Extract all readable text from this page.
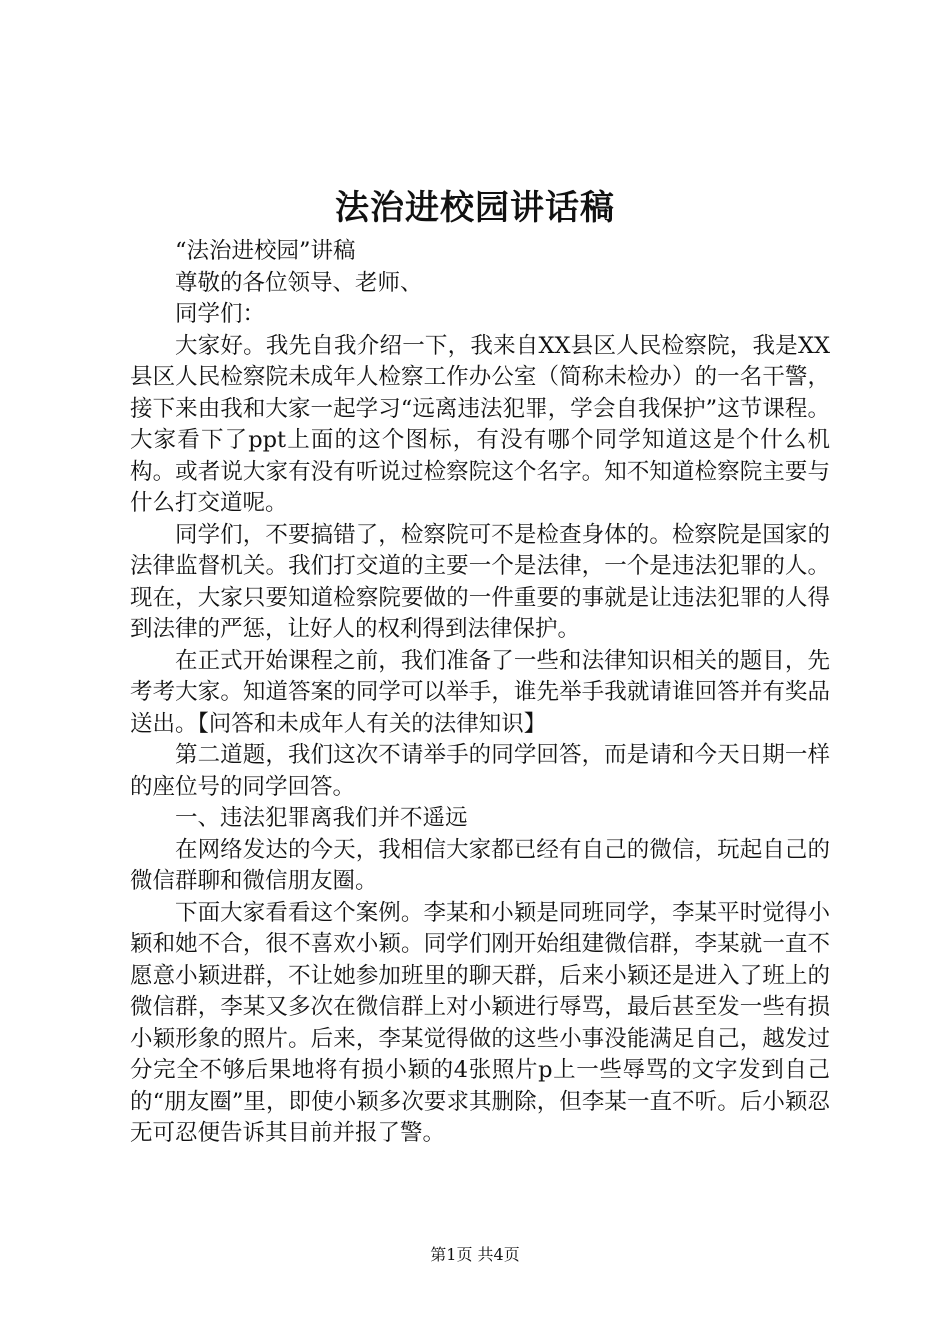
法治进校园讲话稿

“法治进校园”讲稿

尊敬的各位领导、老师、

同学们：

大家好。我先自我介绍一下，我来自XX县区人民检察院，我是XX县区人民检察院未成年人检察工作办公室（简称未检办）的一名干警，接下来由我和大家一起学习“远离违法犯罪，学会自我保护”这节课程。大家看下了ppt上面的这个图标，有没有哪个同学知道这是个什么机构。或者说大家有没有听说过检察院这个名字。知不知道检察院主要与什么打交道呢。

同学们，不要搞错了，检察院可不是检查身体的。检察院是国家的法律监督机关。我们打交道的主要一个是法律，一个是违法犯罪的人。现在，大家只要知道检察院要做的一件重要的事就是让违法犯罪的人得到法律的严惩，让好人的权利得到法律保护。

在正式开始课程之前，我们准备了一些和法律知识相关的题目，先考考大家。知道答案的同学可以举手，谁先举手我就请谁回答并有奖品送出。【问答和未成年人有关的法律知识】

第二道题，我们这次不请举手的同学回答，而是请和今天日期一样的座位号的同学回答。

一、违法犯罪离我们并不遥远

在网络发达的今天，我相信大家都已经有自己的微信，玩起自己的微信群聊和微信朋友圈。

下面大家看看这个案例。李某和小颖是同班同学，李某平时觉得小颖和她不合，很不喜欢小颖。同学们刚开始组建微信群，李某就一直不愿意小颖进群，不让她参加班里的聊天群，后来小颖还是进入了班上的微信群，李某又多次在微信群上对小颖进行辱骂，最后甚至发一些有损小颖形象的照片。后来，李某觉得做的这些小事没能满足自己，越发过分完全不够后果地将有损小颖的4张照片p上一些辱骂的文字发到自己的“朋友圈”里，即使小颖多次要求其删除，但李某一直不听。后小颖忍无可忍便告诉其目前并报了警。

第1页 共4页
